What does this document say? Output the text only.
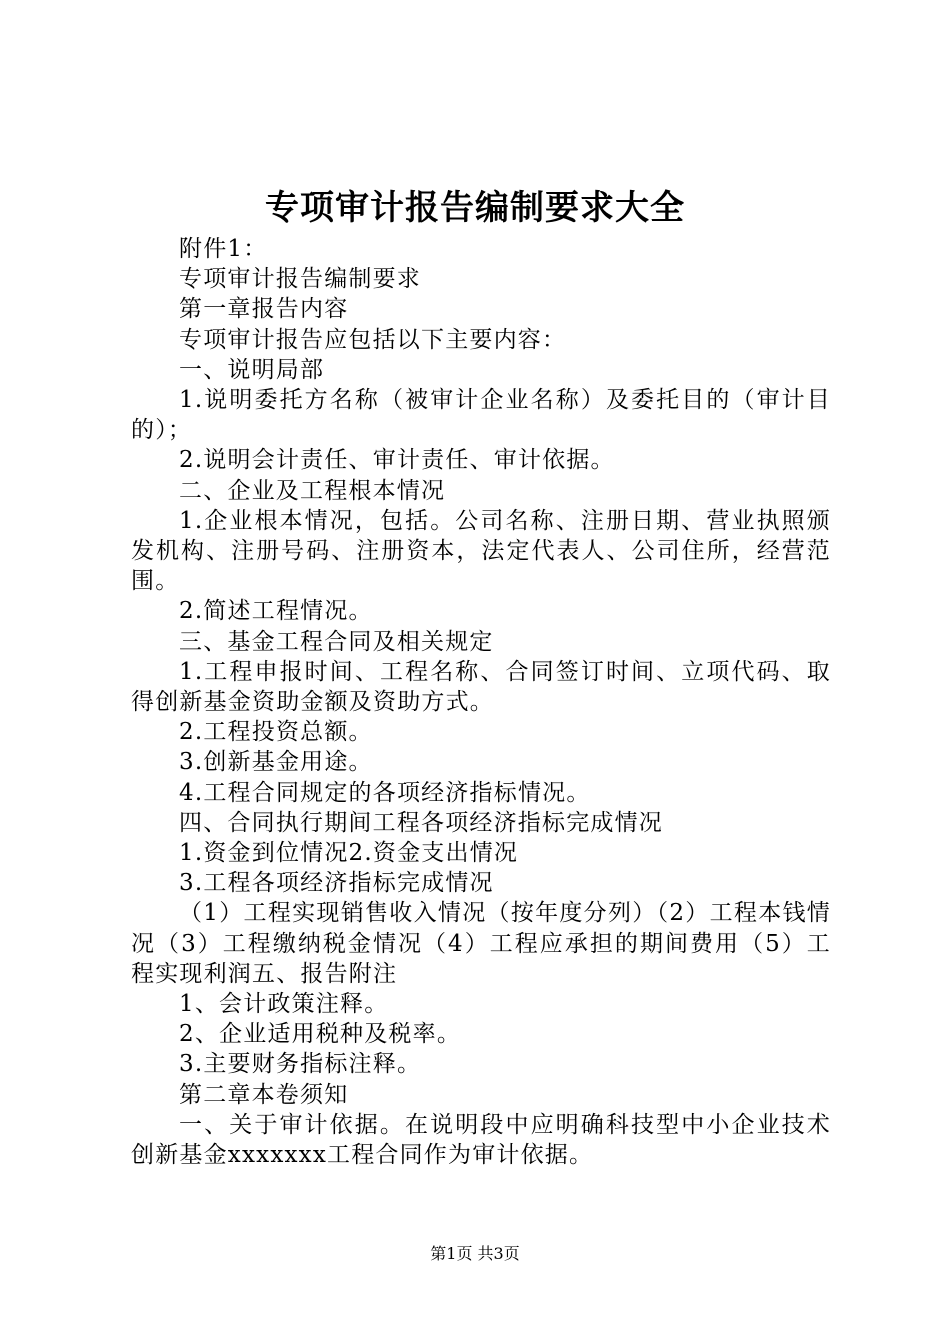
专项审计报告编制要求大全

附件1：

专项审计报告编制要求

第一章报告内容

专项审计报告应包括以下主要内容：

一、说明局部

1.说明委托方名称（被审计企业名称）及委托目的（审计目的）；

2.说明会计责任、审计责任、审计依据。

二、企业及工程根本情况

1.企业根本情况，包括。公司名称、注册日期、营业执照颁发机构、注册号码、注册资本，法定代表人、公司住所，经营范围。

2.简述工程情况。

三、基金工程合同及相关规定

1.工程申报时间、工程名称、合同签订时间、立项代码、取得创新基金资助金额及资助方式。

2.工程投资总额。

3.创新基金用途。

4.工程合同规定的各项经济指标情况。

四、合同执行期间工程各项经济指标完成情况

1.资金到位情况2.资金支出情况

3.工程各项经济指标完成情况

（1）工程实现销售收入情况（按年度分列）（2）工程本钱情况（3）工程缴纳税金情况（4）工程应承担的期间费用（5）工程实现利润五、报告附注

1、会计政策注释。

2、企业适用税种及税率。

3.主要财务指标注释。

第二章本卷须知

一、关于审计依据。在说明段中应明确科技型中小企业技术创新基金xxxxxxx工程合同作为审计依据。

第1页 共3页
